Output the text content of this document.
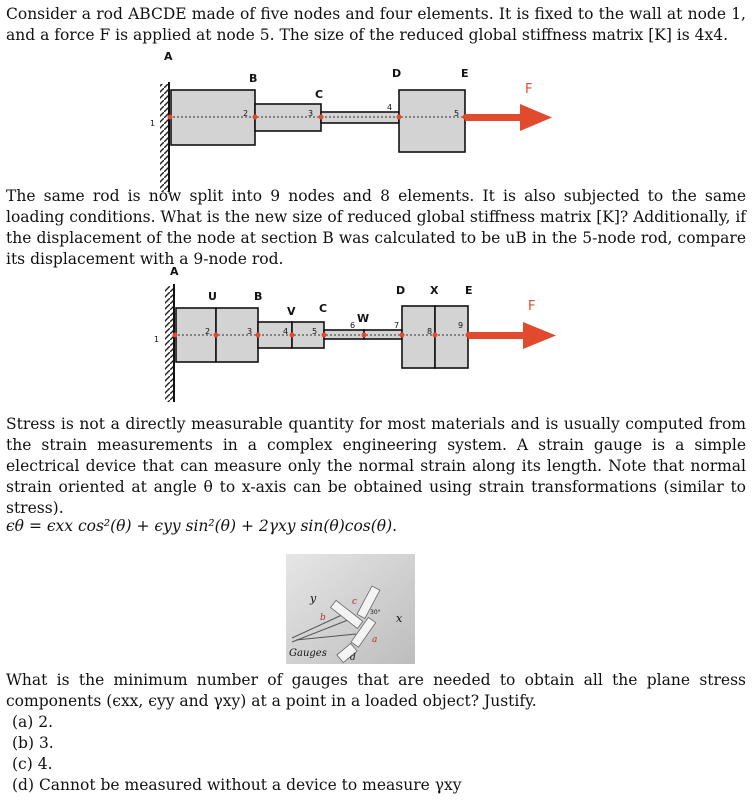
Consider a rod ABCDE made of five nodes and four elements. It is fixed to the wall at node 1, and a force F is applied at node 5. The size of the reduced global stiffness matrix [K] is 4x4.
A
B
C
D	E
1
2	3
4
5
F
The same rod is now split into 9 nodes and 8 elements. It is also subjected to the same loading conditions. What is the new size of reduced global stiffness matrix [K]? Additionally, if the displacement of the node at section B was calculated to be uB in the 5-node rod, compare its displacement with a 9-node rod.
A
U	B
V C
W
D X E
1
2	3	4	5
6	7
8
9
F
Stress is not a directly measurable quantity for most materials and is usually computed from the strain measurements in a complex engineering system. A strain gauge is a simple electrical device that can measure only the normal strain along its length. Note that normal strain oriented at angle θ to x-axis can be obtained using strain transformations (similar to stress).
ϵθ = ϵxx cos²(θ) + ϵyy sin²(θ) + 2γxy sin(θ)cos(θ).
y
x
30°
a
b
c
d
Gauges
What is the minimum number of gauges that are needed to obtain all the plane stress components (ϵxx, ϵyy and γxy) at a point in a loaded object? Justify.
(a) 2.
(b) 3.
(c) 4.
(d) Cannot be measured without a device to measure γxy
